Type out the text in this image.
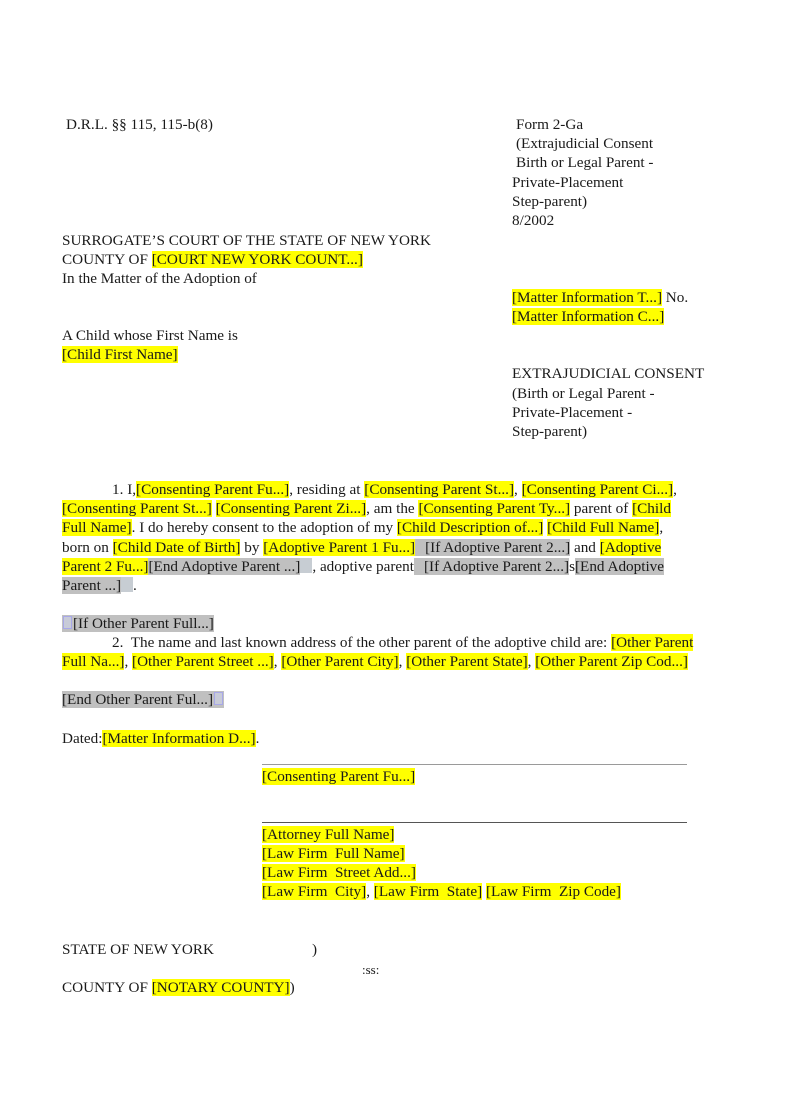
D.R.L. §§ 115, 115-b(8)	Form 2-Ga
(Extrajudicial Consent
Birth or Legal Parent -
Private-Placement
Step-parent)
8/2002
SURROGATE’S COURT OF THE STATE OF NEW YORK
COUNTY OF [COURT NEW YORK COUNT...]
In the Matter of the Adoption of
A Child whose First Name is
[Child First Name]
[Matter Information T...] No.
[Matter Information C...]
EXTRAJUDICIAL CONSENT
(Birth or Legal Parent -
Private-Placement -
Step-parent)
1. I,[Consenting Parent Fu...], residing at [Consenting Parent St...], [Consenting Parent Ci...],
[Consenting Parent St...] [Consenting Parent Zi...], am the [Consenting Parent Ty...] parent of [Child
Full Name]. I do hereby consent to the adoption of my [Child Description of...] [Child Full Name],
born on [Child Date of Birth] by [Adoptive Parent 1 Fu...] [If Adoptive Parent 2...] and [Adoptive
Parent 2 Fu...][End Adoptive Parent ...] , adoptive parent [If Adoptive Parent 2...]s[End Adoptive
Parent ...] .
[If Other Parent Full...]
2.  The name and last known address of the other parent of the adoptive child are: [Other Parent
Full Na...], [Other Parent Street ...], [Other Parent City], [Other Parent State], [Other Parent Zip Cod...]
[End Other Parent Ful...]
Dated:[Matter Information D...].
[Consenting Parent Fu...]
[Attorney Full Name]
[Law Firm  Full Name]
[Law Firm  Street Add...]
[Law Firm  City], [Law Firm  State] [Law Firm  Zip Code]
STATE OF NEW YORK	)
:ss:
COUNTY OF [NOTARY COUNTY])
